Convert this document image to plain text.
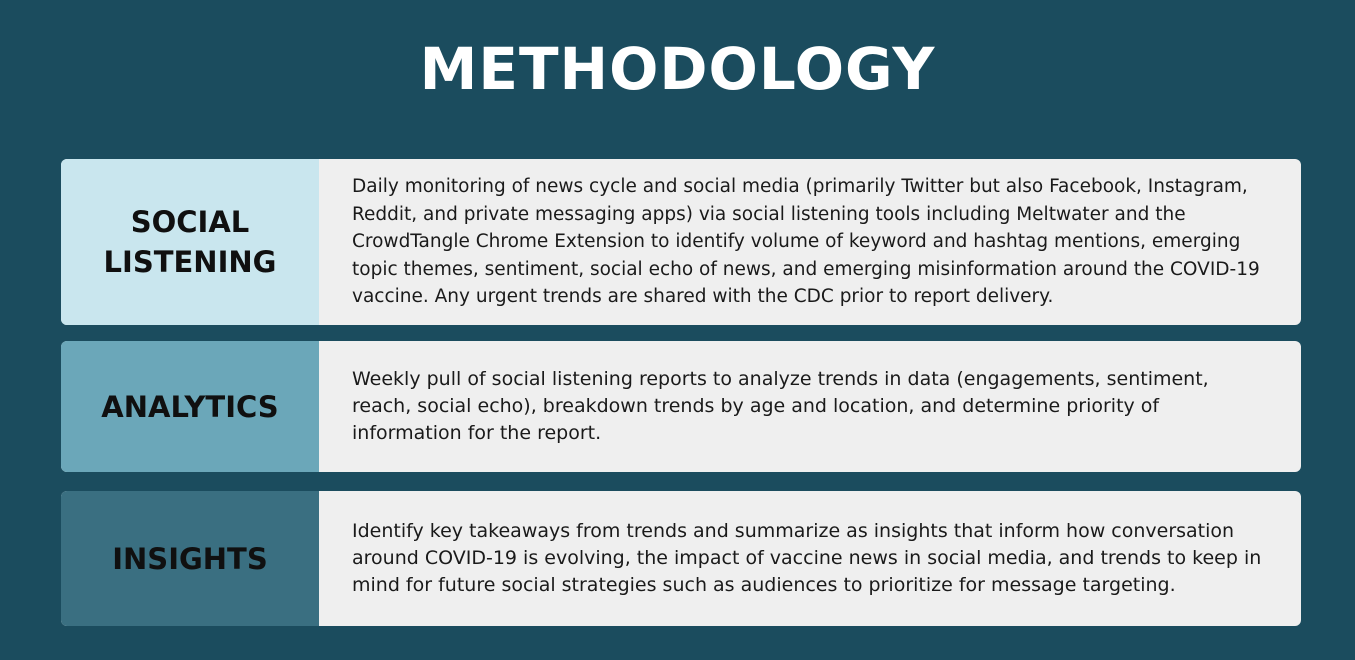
METHODOLOGY
SOCIAL
LISTENING
Daily monitoring of news cycle and social media (primarily Twitter but also Facebook, Instagram, Reddit, and private messaging apps) via social listening tools including Meltwater and the CrowdTangle Chrome Extension to identify volume of keyword and hashtag mentions, emerging topic themes, sentiment, social echo of news, and emerging misinformation around the COVID-19 vaccine. Any urgent trends are shared with the CDC prior to report delivery.
ANALYTICS
Weekly pull of social listening reports to analyze trends in data (engagements, sentiment, reach, social echo), breakdown trends by age and location, and determine priority of information for the report.
INSIGHTS
Identify key takeaways from trends and summarize as insights that inform how conversation around COVID-19 is evolving, the impact of vaccine news in social media, and trends to keep in mind for future social strategies such as audiences to prioritize for message targeting.
